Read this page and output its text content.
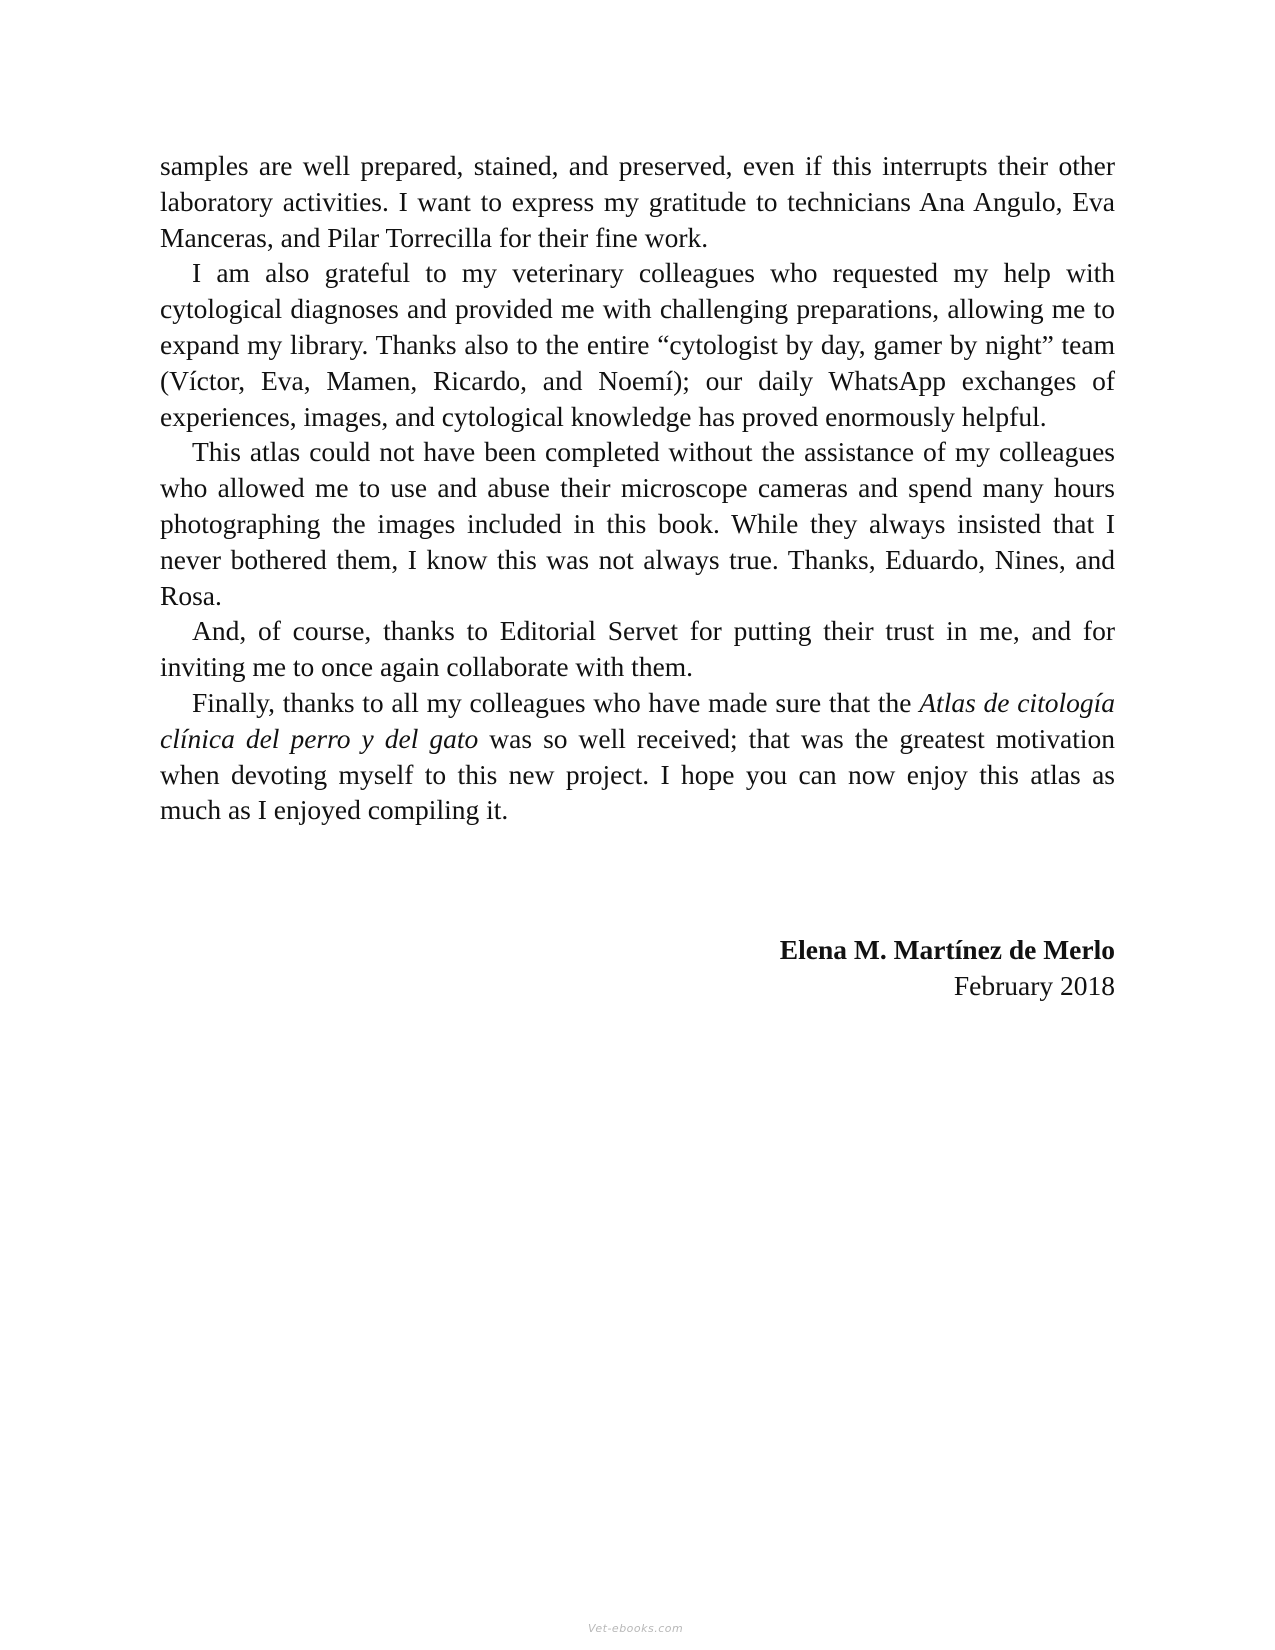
samples are well prepared, stained, and preserved, even if this interrupts their other laboratory activities. I want to express my gratitude to technicians Ana Angulo, Eva Manceras, and Pilar Torrecilla for their fine work.

I am also grateful to my veterinary colleagues who requested my help with cytological diagnoses and provided me with challenging preparations, allowing me to expand my library. Thanks also to the entire “cytologist by day, gamer by night” team (Víctor, Eva, Mamen, Ricardo, and Noemí); our daily WhatsApp exchanges of experiences, images, and cytological knowledge has proved enormously helpful.

This atlas could not have been completed without the assistance of my colleagues who allowed me to use and abuse their microscope cameras and spend many hours photographing the images included in this book. While they always insisted that I never bothered them, I know this was not always true. Thanks, Eduardo, Nines, and Rosa.

And, of course, thanks to Editorial Servet for putting their trust in me, and for inviting me to once again collaborate with them.

Finally, thanks to all my colleagues who have made sure that the Atlas de citología clínica del perro y del gato was so well received; that was the greatest motivation when devoting myself to this new project. I hope you can now enjoy this atlas as much as I enjoyed compiling it.

Elena M. Martínez de Merlo
February 2018
Vet-ebooks.com
